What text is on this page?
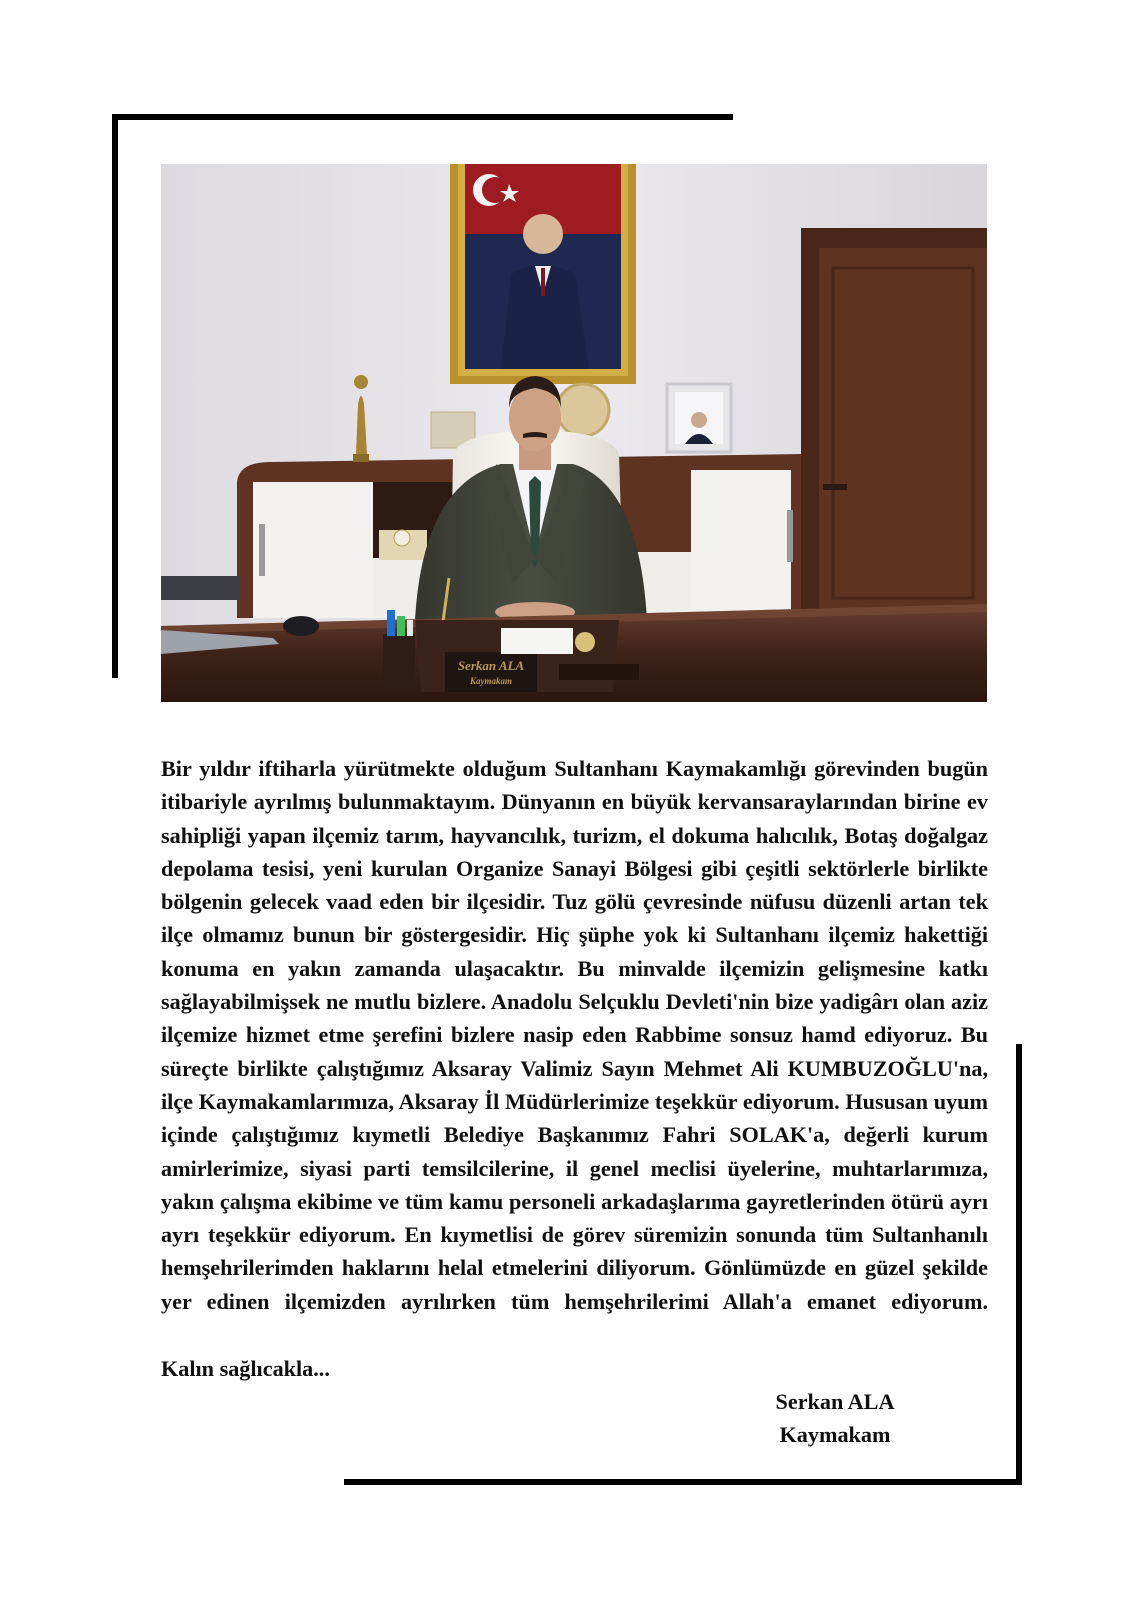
Serkan ALA
Kaymakam

Bir yıldır iftiharla yürütmekte olduğum Sultanhanı Kaymakamlığı görevinden bugün itibariyle ayrılmış bulunmaktayım. Dünyanın en büyük kervansaraylarından birine ev sahipliği yapan ilçemiz tarım, hayvancılık, turizm, el dokuma halıcılık, Botaş doğalgaz depolama tesisi, yeni kurulan Organize Sanayi Bölgesi gibi çeşitli sektörlerle birlikte bölgenin gelecek vaad eden bir ilçesidir. Tuz gölü çevresinde nüfusu düzenli artan tek ilçe olmamız bunun bir göstergesidir. Hiç şüphe yok ki Sultanhanı ilçemiz hakettiği konuma en yakın zamanda ulaşacaktır. Bu minvalde ilçemizin gelişmesine katkı sağlayabilmişsek ne mutlu bizlere. Anadolu Selçuklu Devleti'nin bize yadigârı olan aziz ilçemize hizmet etme şerefini bizlere nasip eden Rabbime sonsuz hamd ediyoruz. Bu süreçte birlikte çalıştığımız Aksaray Valimiz Sayın Mehmet Ali KUMBUZOĞLU'na, ilçe Kaymakamlarımıza, Aksaray İl Müdürlerimize teşekkür ediyorum. Hususan uyum içinde çalıştığımız kıymetli Belediye Başkanımız Fahri SOLAK'a, değerli kurum amirlerimize, siyasi parti temsilcilerine, il genel meclisi üyelerine, muhtarlarımıza, yakın çalışma ekibime ve tüm kamu personeli arkadaşlarıma gayretlerinden ötürü ayrı ayrı teşekkür ediyorum. En kıymetlisi de görev süremizin sonunda tüm Sultanhanılı hemşehrilerimden haklarını helal etmelerini diliyorum. Gönlümüzde en güzel şekilde yer edinen ilçemizden ayrılırken tüm hemşehrilerimi Allah'a emanet ediyorum.

Kalın sağlıcakla...

Serkan ALA
Kaymakam
